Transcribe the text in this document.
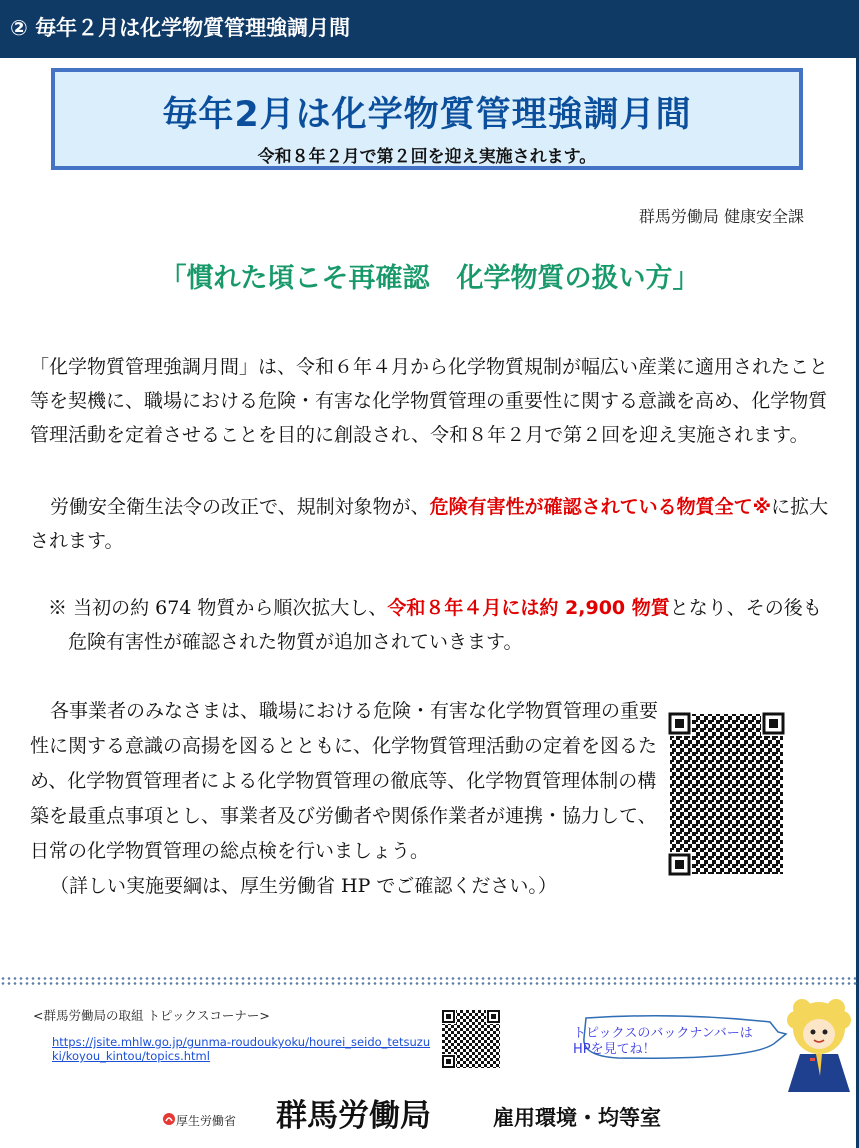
② 毎年２月は化学物質管理強調月間
毎年2月は化学物質管理強調月間
令和８年２月で第２回を迎え実施されます。
群馬労働局 健康安全課
「慣れた頃こそ再確認　化学物質の扱い方」
「化学物質管理強調月間」は、令和６年４月から化学物質規制が幅広い産業に適用されたこと等を契機に、職場における危険・有害な化学物質管理の重要性に関する意識を高め、化学物質管理活動を定着させることを目的に創設され、令和８年２月で第２回を迎え実施されます。
労働安全衛生法令の改正で、規制対象物が、危険有害性が確認されている物質全て※に拡大されます。
※ 当初の約 674 物質から順次拡大し、令和８年４月には約 2,900 物質となり、その後も
危険有害性が確認された物質が追加されていきます。
各事業者のみなさまは、職場における危険・有害な化学物質管理の重要性に関する意識の高揚を図るとともに、化学物質管理活動の定着を図るため、化学物質管理者による化学物質管理の徹底等、化学物質管理体制の構築を最重点事項とし、事業者及び労働者や関係作業者が連携・協力して、日常の化学物質管理の総点検を行いましょう。
（詳しい実施要綱は、厚生労働省 HP でご確認ください。）
<群馬労働局の取組 トピックスコーナー>
https://jsite.mhlw.go.jp/gunma-roudoukyoku/hourei_seido_tetsuzuki/koyou_kintou/topics.html
トピックスのバックナンバーは
HPを見てね！
厚生労働省 群馬労働局	雇用環境・均等室
